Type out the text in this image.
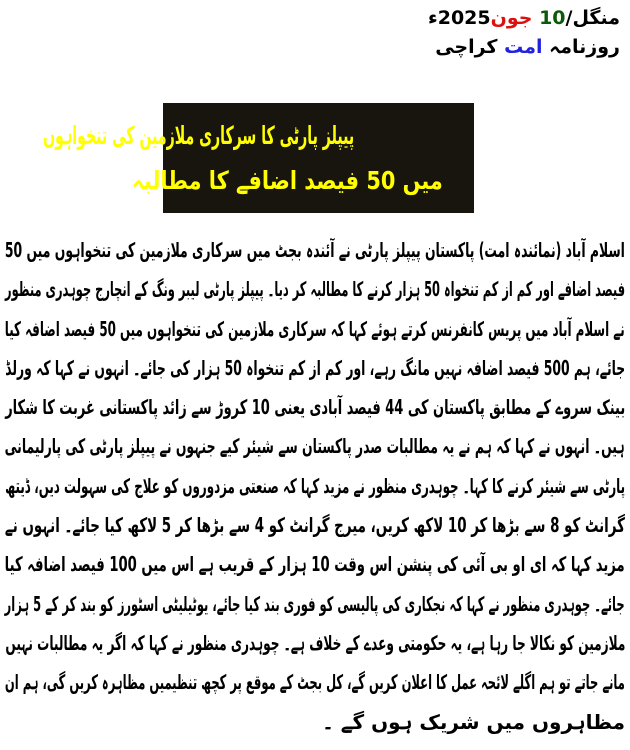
منگل/10 جون2025ء
روزنامہ امت کراچی
پیپلز پارٹی کا سرکاری ملازمین کی تنخواہوں
میں 50 فیصد اضافے کا مطالبہ
اسلام آباد (نمائندہ امت) پاکستان پیپلز پارٹی نے آئندہ بجٹ میں سرکاری ملازمین کی تنخواہوں میں 50
فیصد اضافے اور کم از کم تنخواہ 50 ہزار کرنے کا مطالبہ کر دیا۔ پیپلز پارٹی لیبر ونگ کے انچارج چوہدری منظور
نے اسلام آباد میں پریس کانفرنس کرتے ہوئے کہا کہ سرکاری ملازمین کی تنخواہوں میں 50 فیصد اضافہ کیا
جائے، ہم 500 فیصد اضافہ نہیں مانگ رہے، اور کم از کم تنخواہ 50 ہزار کی جائے۔ انہوں نے کہا کہ ورلڈ
بینک سروے کے مطابق پاکستان کی 44 فیصد آبادی یعنی 10 کروڑ سے زائد پاکستانی غربت کا شکار
ہیں۔ انہوں نے کہا کہ ہم نے یہ مطالبات صدر پاکستان سے شیئر کیے جنہوں نے پیپلز پارٹی کی پارلیمانی
پارٹی سے شیئر کرنے کا کہا۔ چوہدری منظور نے مزید کہا کہ صنعتی مزدوروں کو علاج کی سہولت دیں، ڈیتھ
گرانٹ کو 8 سے بڑھا کر 10 لاکھ کریں، میرج گرانٹ کو 4 سے بڑھا کر 5 لاکھ کیا جائے۔ انہوں نے
مزید کہا کہ ای او بی آئی کی پنشن اس وقت 10 ہزار کے قریب ہے اس میں 100 فیصد اضافہ کیا
جائے۔ چوہدری منظور نے کہا کہ نجکاری کی پالیسی کو فوری بند کیا جائے، یوٹیلیٹی اسٹورز کو بند کر کے 5 ہزار
ملازمین کو نکالا جا رہا ہے، یہ حکومتی وعدے کے خلاف ہے۔ چوہدری منظور نے کہا کہ اگر یہ مطالبات نہیں
مانے جاتے تو ہم اگلے لائحہ عمل کا اعلان کریں گے، کل بجٹ کے موقع پر کچھ تنظیمیں مظاہرہ کریں گی، ہم ان
مظاہروں میں شریک ہوں گے ۔
